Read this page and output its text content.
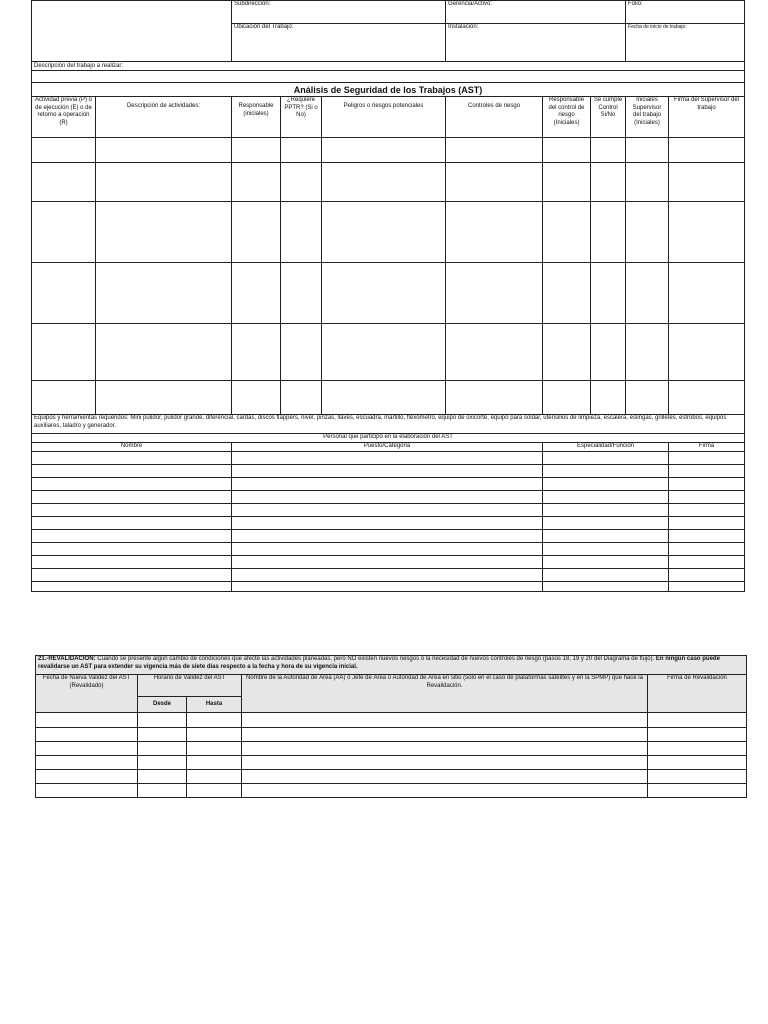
		Subdirección:			Gerencia/Activo:			Folio:	
		Ubicación del Trabajo:			Instalación:			Fecha de inicio de trabajo:	
Descripción del trabajo a realizar:									

Análisis de Seguridad de los Trabajos (AST)									
Actividad previa (P) o de ejecución (E) o de retorno a operación (R)	Descripción de actividades:	Responsable (iniciales)	¿Requiere PPTR? (Si o No)	Peligros o riesgos potenciales	Controles de riesgo	Responsable del control de riesgo (Iniciales)	Se cumple Control Si/No	Iniciales Supervisor del trabajo (Iniciales)	Firma del Supervisor del trabajo

Equipos y herramientas requeridos: Mini pulidor, pulidor grande, diferencial, cardas, discos flappers, nivel, pinzas, llaves, escuadra, martillo, flexómetro, equipo de oxicorte, equipo para soldar, utensilios de limpieza, escalera, eslingas, grilletes, estrobos, equipos auxiliares, taladro y generador.									
Personal que participó en la elaboración del AST									
Nombre		Puesto/Categoria				Especialidad/Función			Firma

21.-REVALIDACIÓN: Cuando se presente algún cambio de condiciones que afecte las actividades planeadas, pero NO existen nuevos riesgos o la necesidad de nuevos controles de riesgo (pasos 18, 19 y 20 del Diagrama de flujo). En ningún caso puede revalidarse un AST para extender su vigencia más de siete días respecto a la fecha y hora de su vigencia inicial.				
Fecha de Nueva Validez del AST (Revalidado)	Horario de Validez del AST		Nombre de la Autoridad de Área (AA) o Jefe de Área o Autoridad de Área en sitio (solo en el caso de plataformas satélites y en la SPMP) que hace la Revalidación.	Firma de Revalidación
	Desde	Hasta		
